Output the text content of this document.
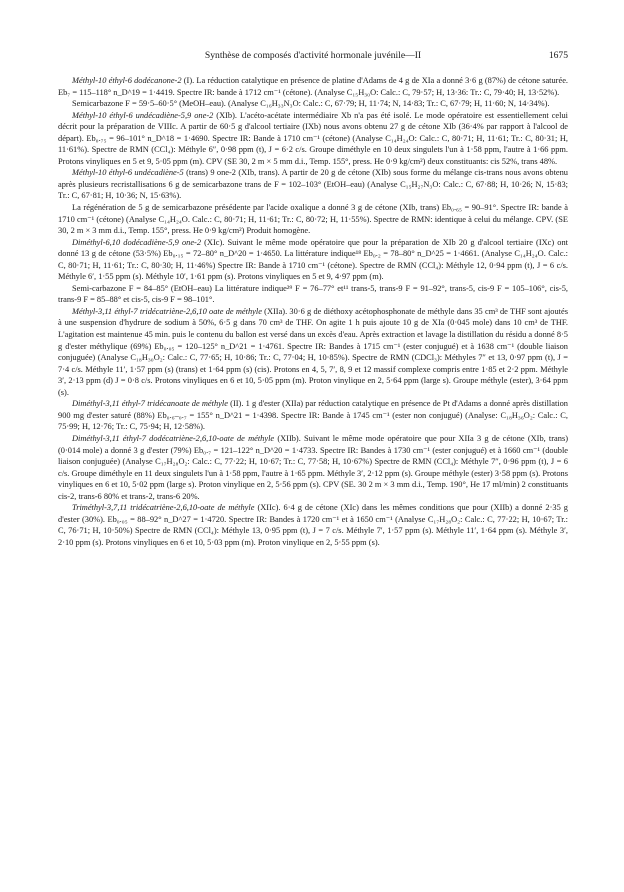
Synthèse de composés d'activité hormonale juvénile—II	1675

Méthyl-10 éthyl-6 dodécanone-2 (I). La réduction catalytique en présence de platine d'Adams de 4 g de XIa a donné 3·6 g (87%) de cétone saturée. Eb₇ = 115–118° n_D^19 = 1·4419. Spectre IR: bande à 1712 cm⁻¹ (cétone). (Analyse C₁₅H₃₀O: Calc.: C, 79·57; H, 13·36: Tr.: C, 79·40; H, 13·52%).

Semicarbazone F = 59·5–60·5° (MeOH–eau). (Analyse C₁₆H₃₃N₃O: Calc.: C, 67·79; H, 11·74; N, 14·83; Tr.: C, 67·79; H, 11·60; N, 14·34%).

Méthyl-10 éthyl-6 undécadiène-5,9 one-2 (XIb). L'acéto-acétate intermédiaire Xb n'a pas été isolé. Le mode opératoire est essentiellement celui décrit pour la préparation de VIIIc. A partir de 60·5 g d'alcool tertiaire (IXb) nous avons obtenu 27 g de cétone XIb (36·4% par rapport à l'alcool de départ). Eb₀.₇₅ = 96–101° n_D^18 = 1·4690. Spectre IR: Bande à 1710 cm⁻¹ (cétone) (Analyse C₁₄H₂₄O: Calc.: C, 80·71; H, 11·61; Tr.: C, 80·31; H, 11·61%). Spectre de RMN (CCl₄): Méthyle 6″, 0·98 ppm (t), J = 6·2 c/s. Groupe diméthyle en 10 deux singulets l'un à 1·58 ppm, l'autre à 1·66 ppm. Protons vinyliques en 5 et 9, 5·05 ppm (m). CPV (SE 30, 2 m × 5 mm d.i., Temp. 155°, press. He 0·9 kg/cm²) deux constituants: cis 52%, trans 48%.

Méthyl-10 éthyl-6 undécadiène-5 (trans) 9 one-2 (XIb, trans). A partir de 20 g de cétone (XIb) sous forme du mélange cis-trans nous avons obtenu après plusieurs recristallisations 6 g de semicarbazone trans de F = 102–103° (EtOH–eau) (Analyse C₁₅H₂₇N₃O: Calc.: C, 67·88; H, 10·26; N, 15·83; Tr.: C, 67·81; H, 10·36; N, 15·63%).

La régénération de 5 g de semicarbazone présédente par l'acide oxalique a donné 3 g de cétone (XIb, trans) Eb₀.₆₅ = 90–91°. Spectre IR: bande à 1710 cm⁻¹ (cétone) (Analyse C₁₄H₂₄O. Calc.: C, 80·71; H, 11·61; Tr.: C, 80·72; H, 11·55%). Spectre de RMN: identique à celui du mélange. CPV. (SE 30, 2 m × 3 mm d.i., Temp. 155°, press. He 0·9 kg/cm²) Produit homogène.

Diméthyl-6,10 dodécadiène-5,9 one-2 (XIc). Suivant le même mode opératoire que pour la préparation de XIb 20 g d'alcool tertiaire (IXc) ont donné 13 g de cétone (53·5%) Eb₀.₁₅ = 72–80° n_D^20 = 1·4650. La littérature indique¹⁸ Eb₀.₂ = 78–80° n_D^25 = 1·4661. (Analyse C₁₄H₂₄O. Calc.: C, 80·71; H, 11·61; Tr.: C, 80·30; H, 11·46%) Spectre IR: Bande à 1710 cm⁻¹ (cétone). Spectre de RMN (CCl₄): Méthyle 12, 0·94 ppm (t), J = 6 c/s. Méthyle 6′, 1·55 ppm (s). Méthyle 10′, 1·61 ppm (s). Protons vinyliques en 5 et 9, 4·97 ppm (m).

Semi-carbazone F = 84–85° (EtOH–eau) La littérature indique²⁹ F = 76–77° et¹¹ trans-5, trans-9 F = 91–92°, trans-5, cis-9 F = 105–106°, cis-5, trans-9 F = 85–88° et cis-5, cis-9 F = 98–101°.

Méthyl-3,11 éthyl-7 tridécatriène-2,6,10 oate de méthyle (XIIa). 30·6 g de diéthoxy acétophosphonate de méthyle dans 35 cm³ de THF sont ajoutés à une suspension d'hydrure de sodium à 50%, 6·5 g dans 70 cm³ de THF. On agite 1 h puis ajoute 10 g de XIa (0·045 mole) dans 10 cm³ de THF. L'agitation est maintenue 45 min. puis le contenu du ballon est versé dans un excès d'eau. Après extraction et lavage la distillation du résidu a donné 8·5 g d'ester méthylique (69%) Eb₀.₀₅ = 120–125° n_D^21 = 1·4761. Spectre IR: Bandes à 1715 cm⁻¹ (ester conjugué) et à 1638 cm⁻¹ (double liaison conjuguée) (Analyse C₁₈H₃₀O₂: Calc.: C, 77·65; H, 10·86; Tr.: C, 77·04; H, 10·85%). Spectre de RMN (CDCl₃): Méthyles 7″ et 13, 0·97 ppm (t), J = 7·4 c/s. Méthyle 11′, 1·57 ppm (s) (trans) et 1·64 ppm (s) (cis). Protons en 4, 5, 7′, 8, 9 et 12 massif complexe compris entre 1·85 et 2·2 ppm. Méthyle 3′, 2·13 ppm (d) J = 0·8 c/s. Protons vinyliques en 6 et 10, 5·05 ppm (m). Proton vinylique en 2, 5·64 ppm (large s). Groupe méthyle (ester), 3·64 ppm (s).

Diméthyl-3,11 éthyl-7 tridécanoate de méthyle (II). 1 g d'ester (XIIa) par réduction catalytique en présence de Pt d'Adams a donné après distillation 900 mg d'ester saturé (88%) Eb₀.₆–₀.₇ = 155° n_D^21 = 1·4398. Spectre IR: Bande à 1745 cm⁻¹ (ester non conjugué) (Analyse: C₁₈H₃₆O₂: Calc.: C, 75·99; H, 12·76; Tr.: C, 75·94; H, 12·58%).

Diméthyl-3,11 éthyl-7 dodécatriène-2,6,10-oate de méthyle (XIIb). Suivant le même mode opératoire que pour XIIa 3 g de cétone (XIb, trans) (0·014 mole) a donné 3 g d'ester (79%) Eb₀.₇ = 121–122° n_D^20 = 1·4733. Spectre IR: Bandes à 1730 cm⁻¹ (ester conjugué) et à 1660 cm⁻¹ (double liaison conjuguée) (Analyse C₁₇H₂₈O₂: Calc.: C, 77·22; H, 10·67; Tr.: C, 77·58; H, 10·67%) Spectre de RMN (CCl₄): Méthyle 7″, 0·96 ppm (t), J = 6 c/s. Groupe diméthyle en 11 deux singulets l'un à 1·58 ppm, l'autre à 1·65 ppm. Méthyle 3′, 2·12 ppm (s). Groupe méthyle (ester) 3·58 ppm (s). Protons vinyliques en 6 et 10, 5·02 ppm (large s). Proton vinylique en 2, 5·56 ppm (s). CPV (SE. 30 2 m × 3 mm d.i., Temp. 190°, He 17 ml/min) 2 constituants cis-2, trans-6 80% et trans-2, trans-6 20%.

Triméthyl-3,7,11 tridécatriène-2,6,10-oate de méthyle (XIIc). 6·4 g de cétone (XIc) dans les mêmes conditions que pour (XIIb) a donné 2·35 g d'ester (30%). Eb₀.₀₅ = 88–92° n_D^27 = 1·4720. Spectre IR: Bandes à 1720 cm⁻¹ et à 1650 cm⁻¹ (Analyse C₁₇H₂₈O₂: Calc.: C, 77·22; H, 10·67; Tr.: C, 76·71; H, 10·50%) Spectre de RMN (CCl₄): Méthyle 13, 0·95 ppm (t), J = 7 c/s. Méthyle 7′, 1·57 ppm (s). Méthyle 11′, 1·64 ppm (s). Méthyle 3′, 2·10 ppm (s). Protons vinyliques en 6 et 10, 5·03 ppm (m). Proton vinylique en 2, 5·55 ppm (s).
